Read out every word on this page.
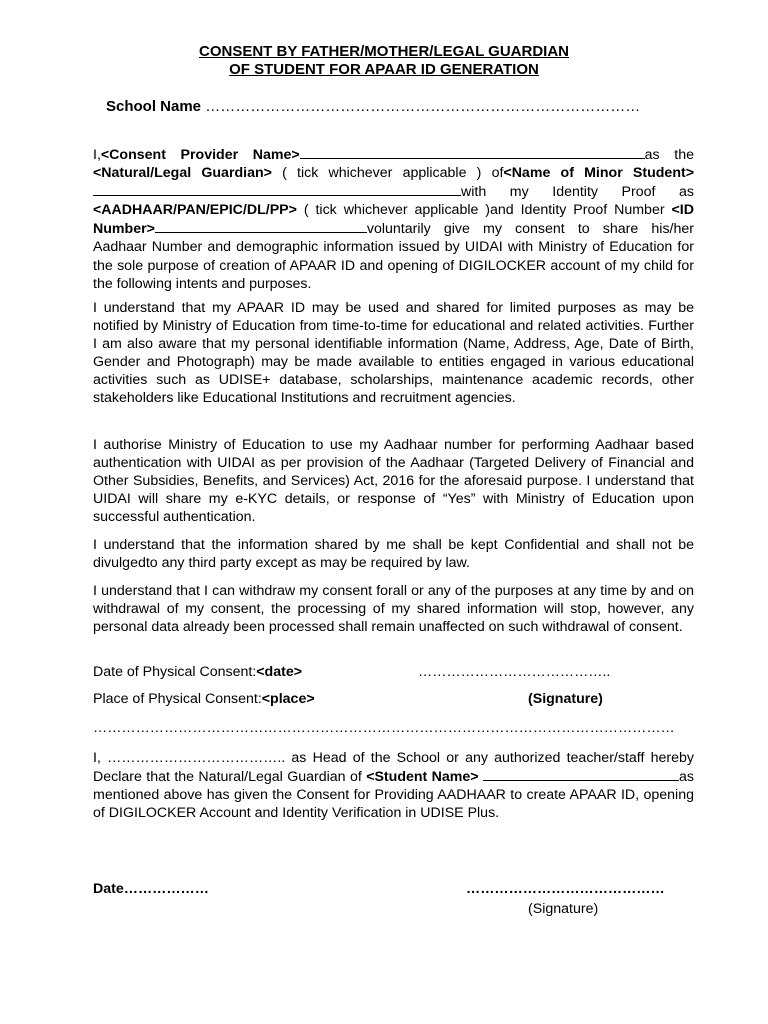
CONSENT BY FATHER/MOTHER/LEGAL GUARDIAN
OF STUDENT FOR APAAR ID GENERATION
School Name ……………………………………………………………………………
I,<Consent Provider Name>	as the <Natural/Legal Guardian> ( tick whichever applicable ) of<Name of Minor Student>with my Identity Proof as <AADHAAR/PAN/EPIC/DL/PP> ( tick whichever applicable )and Identity Proof Number <ID Number>	voluntarily give my consent to share his/her Aadhaar Number and demographic information issued by UIDAI with Ministry of Education for the sole purpose of creation of APAAR ID and opening of DIGILOCKER account of my child for the following intents and purposes.
I understand that my APAAR ID may be used and shared for limited purposes as may be notified by Ministry of Education from time-to-time for educational and related activities. Further I am also aware that my personal identifiable information (Name, Address, Age, Date of Birth, Gender and Photograph) may be made available to entities engaged in various educational activities such as UDISE+ database, scholarships, maintenance academic records, other stakeholders like Educational Institutions and recruitment agencies.
I authorise Ministry of Education to use my Aadhaar number for performing Aadhaar based authentication with UIDAI as per provision of the Aadhaar (Targeted Delivery of Financial and Other Subsidies, Benefits, and Services) Act, 2016 for the aforesaid purpose. I understand that UIDAI will share my e-KYC details, or response of “Yes” with Ministry of Education upon successful authentication.
I understand that the information shared by me shall be kept Confidential and shall not be divulgedto any third party except as may be required by law.
I understand that I can withdraw my consent forall or any of the purposes at any time by and on withdrawal of my consent, the processing of my shared information will stop, however, any personal data already been processed shall remain unaffected on such withdrawal of consent.
Date of Physical Consent:<date>	…………………………………..
Place of Physical Consent:<place>	(Signature)
……………………………………………………………………………………………………………
I, ……………………………….. as Head of the School or any authorized teacher/staff hereby Declare that the Natural/Legal Guardian of <Student Name>	as mentioned above has given the Consent for Providing AADHAAR to create APAAR ID, opening of DIGILOCKER Account and Identity Verification in UDISE Plus.
Date………………	……………………………………
(Signature)
